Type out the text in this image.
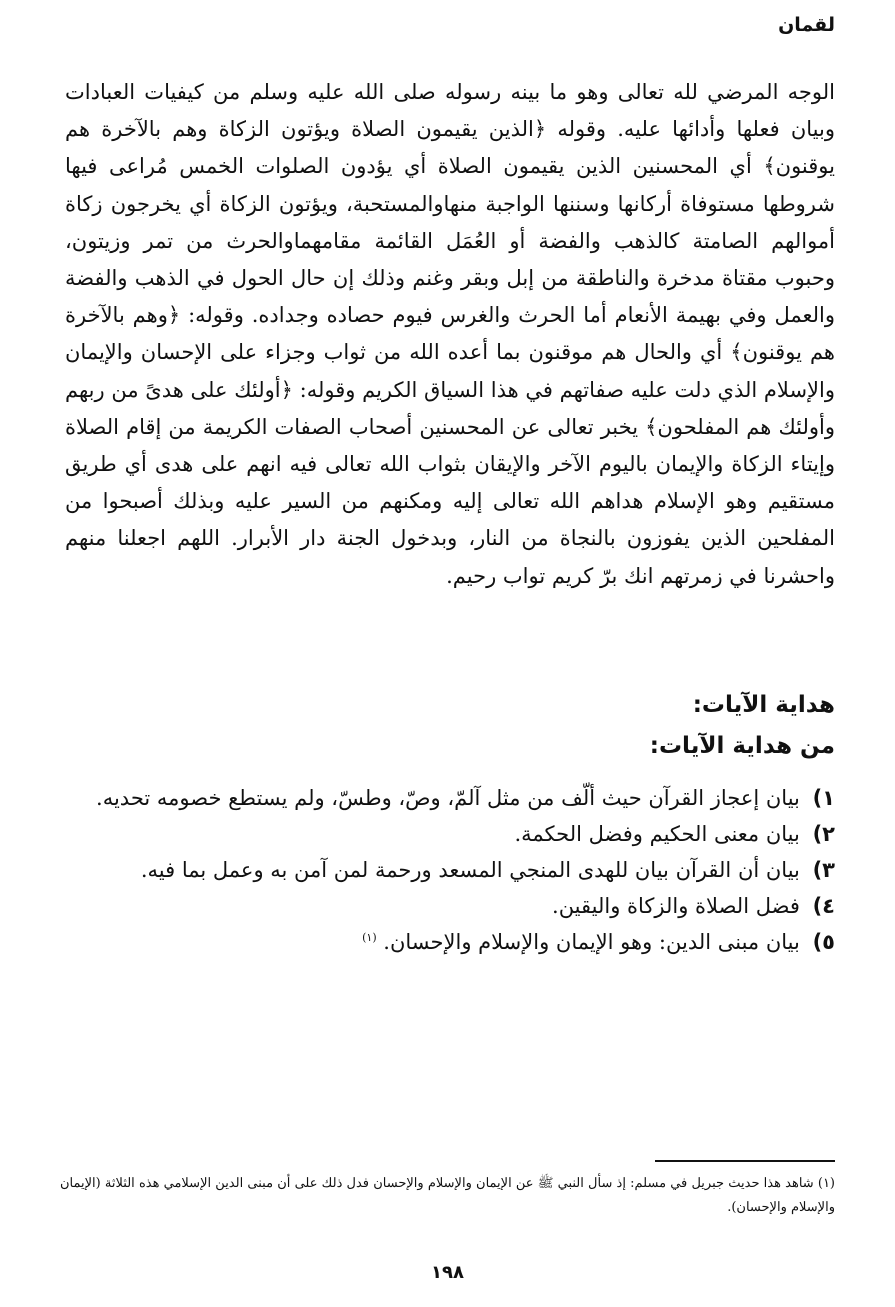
لقمان

الوجه المرضي لله تعالى وهو ما بينه رسوله صلى الله عليه وسلم من كيفيات العبادات وبيان فعلها وأدائها عليه. وقوله ﴿الذين يقيمون الصلاة ويؤتون الزكاة وهم بالآخرة هم يوقنون﴾ أي المحسنين الذين يقيمون الصلاة أي يؤدون الصلوات الخمس مُراعى فيها شروطها مستوفاة أركانها وسننها الواجبة منهاوالمستحبة، ويؤتون الزكاة أي يخرجون زكاة أموالهم الصامتة كالذهب والفضة أو العُمَل القائمة مقامهماوالحرث من تمر وزيتون، وحبوب مقتاة مدخرة والناطقة من إبل وبقر وغنم وذلك إن حال الحول في الذهب والفضة والعمل وفي بهيمة الأنعام أما الحرث والغرس فيوم حصاده وجداده. وقوله: ﴿وهم بالآخرة هم يوقنون﴾ أي والحال هم موقنون بما أعده الله من ثواب وجزاء على الإحسان والإيمان والإسلام الذي دلت عليه صفاتهم في هذا السياق الكريم وقوله: ﴿أولئك على هدىً من ربهم وأولئك هم المفلحون﴾ يخبر تعالى عن المحسنين أصحاب الصفات الكريمة من إقام الصلاة وإيتاء الزكاة والإيمان باليوم الآخر والإيقان بثواب الله تعالى فيه انهم على هدى أي طريق مستقيم وهو الإسلام هداهم الله تعالى إليه ومكنهم من السير عليه وبذلك أصبحوا من المفلحين الذين يفوزون بالنجاة من النار، وبدخول الجنة دار الأبرار. اللهم اجعلنا منهم واحشرنا في زمرتهم انك برّ كريم تواب رحيم.

هداية الآيات:
من هداية الآيات:
١) بيان إعجاز القرآن حيث ألّف من مثل آلمّ، وصّ، وطسّ، ولم يستطع خصومه تحديه.
٢) بيان معنى الحكيم وفضل الحكمة.
٣) بيان أن القرآن بيان للهدى المنجي المسعد ورحمة لمن آمن به وعمل بما فيه.
٤) فضل الصلاة والزكاة واليقين.
٥) بيان مبنى الدين: وهو الإيمان والإسلام والإحسان. $^{(١)}$

(١) شاهد هذا حديث جبريل في مسلم: إذ سأل النبي ﷺ عن الإيمان والإسلام والإحسان فدل ذلك على أن مبنى الدين الإسلامي هذه الثلاثة (الإيمان والإسلام والإحسان).

١٩٨
